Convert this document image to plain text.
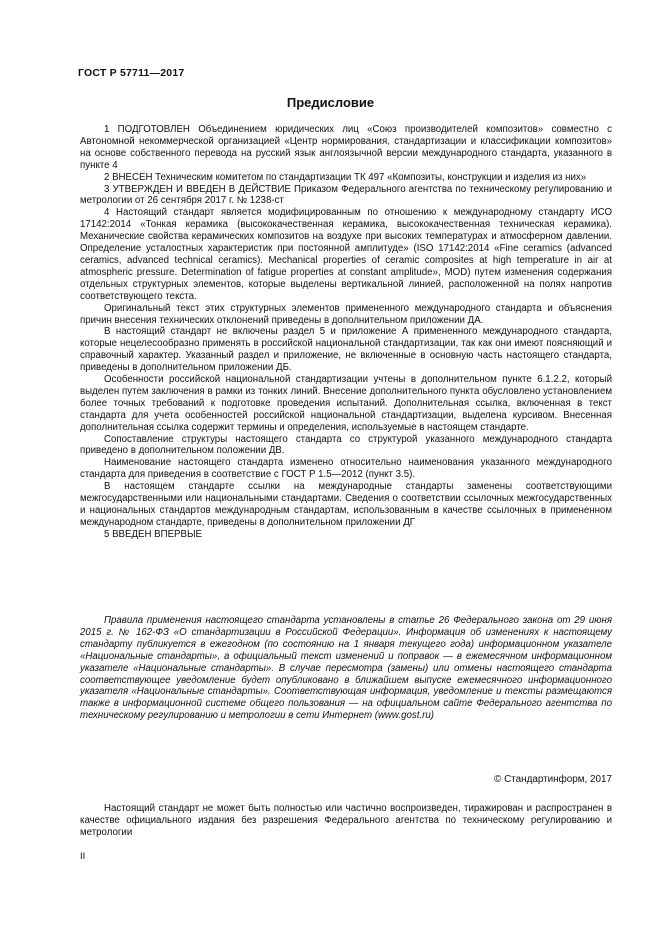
ГОСТ Р 57711—2017
Предисловие

1 ПОДГОТОВЛЕН Объединением юридических лиц «Союз производителей композитов» совместно с Автономной некоммерческой организацией «Центр нормирования, стандартизации и классификации композитов» на основе собственного перевода на русский язык англоязычной версии международного стандарта, указанного в пункте 4

2 ВНЕСЕН Техническим комитетом по стандартизации ТК 497 «Композиты, конструкции и изделия из них»

3 УТВЕРЖДЕН И ВВЕДЕН В ДЕЙСТВИЕ Приказом Федерального агентства по техническому регулированию и метрологии от 26 сентября 2017 г. № 1238-ст

4 Настоящий стандарт является модифицированным по отношению к международному стандарту ИСО 17142:2014 «Тонкая керамика (высококачественная керамика, высококачественная техническая керамика). Механические свойства керамических композитов на воздухе при высоких температурах и атмосферном давлении. Определение усталостных характеристик при постоянной амплитуде» (ISO 17142:2014 «Fine ceramics (advanced ceramics, advanced technical ceramics). Mechanical properties of ceramic composites at high temperature in air at atmospheric pressure. Determination of fatigue properties at constant amplitude», MOD) путем изменения содержания отдельных структурных элементов, которые выделены вертикальной линией, расположенной на полях напротив соответствующего текста.

Оригинальный текст этих структурных элементов примененного международного стандарта и объяснения причин внесения технических отклонений приведены в дополнительном приложении ДА.

В настоящий стандарт не включены раздел 5 и приложение А примененного международного стандарта, которые нецелесообразно применять в российской национальной стандартизации, так как они имеют поясняющий и справочный характер. Указанный раздел и приложение, не включенные в основную часть настоящего стандарта, приведены в дополнительном приложении ДБ.

Особенности российской национальной стандартизации учтены в дополнительном пункте 6.1.2.2, который выделен путем заключения в рамки из тонких линий. Внесение дополнительного пункта обусловлено установлением более точных требований к подготовке проведения испытаний. Дополнительная ссылка, включенная в текст стандарта для учета особенностей российской национальной стандартизации, выделена курсивом. Внесенная дополнительная ссылка содержит термины и определения, используемые в настоящем стандарте.

Сопоставление структуры настоящего стандарта со структурой указанного международного стандарта приведено в дополнительном положении ДВ.

Наименование настоящего стандарта изменено относительно наименования указанного международного стандарта для приведения в соответствие с ГОСТ Р 1.5—2012 (пункт 3.5).

В настоящем стандарте ссылки на международные стандарты заменены соответствующими межгосударственными или национальными стандартами. Сведения о соответствии ссылочных межгосударственных и национальных стандартов международным стандартам, использованным в качестве ссылочных в примененном международном стандарте, приведены в дополнительном приложении ДГ

5 ВВЕДЕН ВПЕРВЫЕ

Правила применения настоящего стандарта установлены в статье 26 Федерального закона от 29 июня 2015 г. № 162-ФЗ «О стандартизации в Российской Федерации». Информация об изменениях к настоящему стандарту публикуется в ежегодном (по состоянию на 1 января текущего года) информационном указателе «Национальные стандарты», а официальный текст изменений и поправок — в ежемесячном информационном указателе «Национальные стандарты». В случае пересмотра (замены) или отмены настоящего стандарта соответствующее уведомление будет опубликовано в ближайшем выпуске ежемесячного информационного указателя «Национальные стандарты». Соответствующая информация, уведомление и тексты размещаются также в информационной системе общего пользования — на официальном сайте Федерального агентства по техническому регулированию и метрологии в сети Интернет (www.gost.ru)

© Стандартинформ, 2017

Настоящий стандарт не может быть полностью или частично воспроизведен, тиражирован и распространен в качестве официального издания без разрешения Федерального агентства по техническому регулированию и метрологии

II
